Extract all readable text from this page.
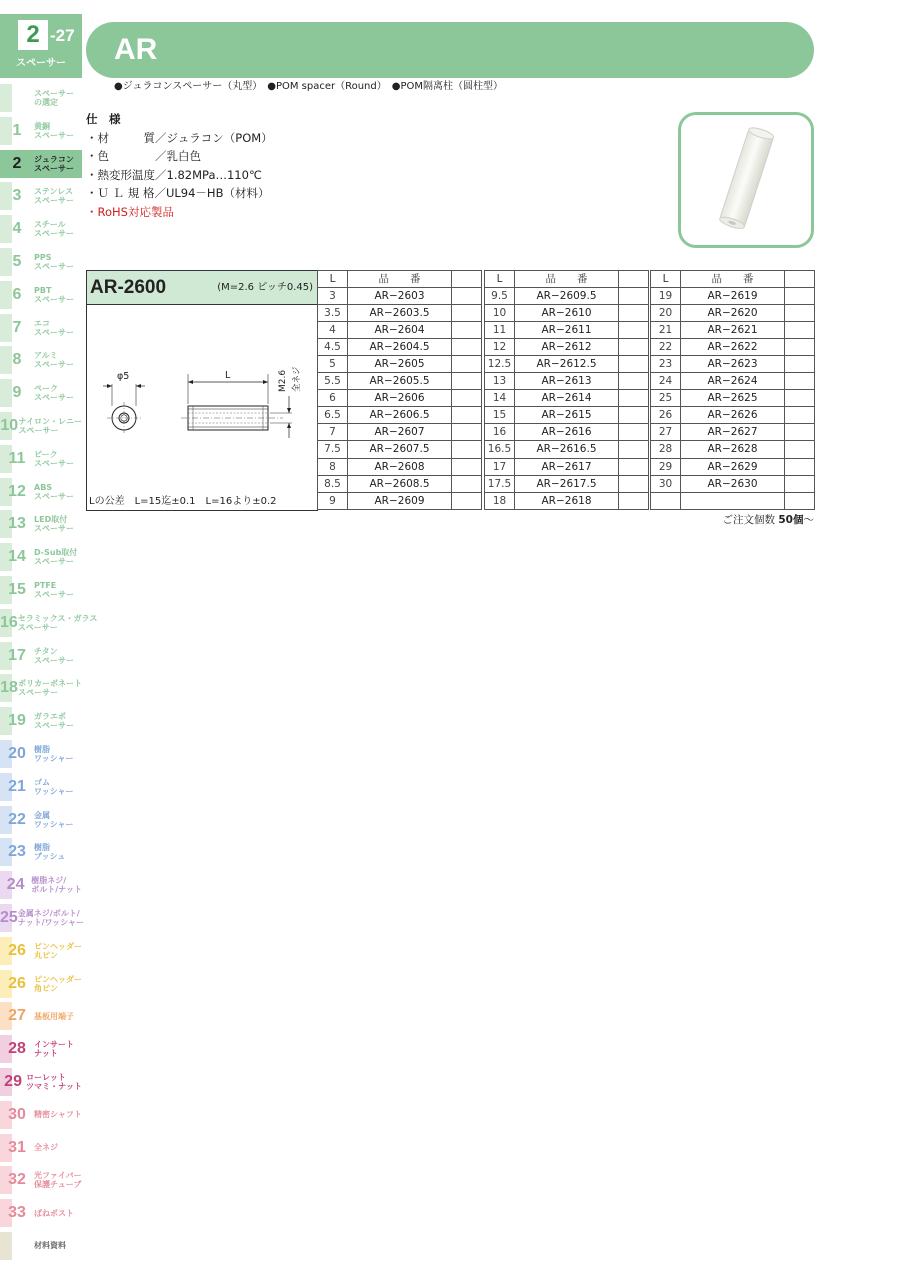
2 -27
スペーサー
スペーサー
の選定
1	黄銅
スペーサー
2	ジュラコン
スペーサー
3	ステンレス
スペーサー
4	スチール
スペーサー
5	PPS
スペーサー
6	PBT
スペーサー
7	エコ
スペーサー
8	アルミ
スペーサー
9	ペーク
スペーサー
10 ナイロン・レニー
スペーサー
11	ピーク
スペーサー
12	ABS
スペーサー
13	LED取付
スペーサー
14	D-Sub取付
スペーサー
15	PTFE
スペーサー
16 セラミックス・ガラス
スペーサー
17	チタン
スペーサー
18 ポリカーボネート
スペーサー
19	ガラエポ
スペーサー
20	樹脂
ワッシャー
21	ゴム
ワッシャー
22	金属
ワッシャー
23	樹脂
ブッシュ
24 樹脂ネジ/
ボルト/ナット
25 金属ネジ/ボルト/
ナット/ワッシャー
26	ピンヘッダー
丸ピン
26	ピンヘッダー
角ピン
27	基板用端子
28	インサート
ナット
29 ローレット
ツマミ・ナット
30	精密シャフト
31	全ネジ
32	光ファイバー
保護チューブ
33	ばねポスト
材料資料
AR
●ジュラコンスペーサー（丸型）　●POM spacer（Round）　●POM隔离柱（圆柱型）
仕　様
・材　　　質／ジュラコン（POM）
・色　　　　／乳白色
・熱変形温度／1.82MPa…110℃
・Ｕ Ｌ 規 格／UL94－HB（材料）
・RoHS対応製品
AR-2600	(M=2.6 ピッチ0.45)
φ5	L	M2.6 全ネジ
Lの公差　L=15迄±0.1　L=16より±0.2
L	品　　番	
3	AR−2603	
3.5	AR−2603.5	
4	AR−2604	
4.5	AR−2604.5	
5	AR−2605	
5.5	AR−2605.5	
6	AR−2606	
6.5	AR−2606.5	
7	AR−2607	
7.5	AR−2607.5	
8	AR−2608	
8.5	AR−2608.5	
9	AR−2609	
L	品　　番	
9.5	AR−2609.5	
10	AR−2610	
11	AR−2611	
12	AR−2612	
12.5	AR−2612.5	
13	AR−2613	
14	AR−2614	
15	AR−2615	
16	AR−2616	
16.5	AR−2616.5	
17	AR−2617	
17.5	AR−2617.5	
18	AR−2618	
L	品　　番	
19	AR−2619	
20	AR−2620	
21	AR−2621	
22	AR−2622	
23	AR−2623	
24	AR−2624	
25	AR−2625	
26	AR−2626	
27	AR−2627	
28	AR−2628	
29	AR−2629	
30	AR−2630	

ご注文個数 50個〜
